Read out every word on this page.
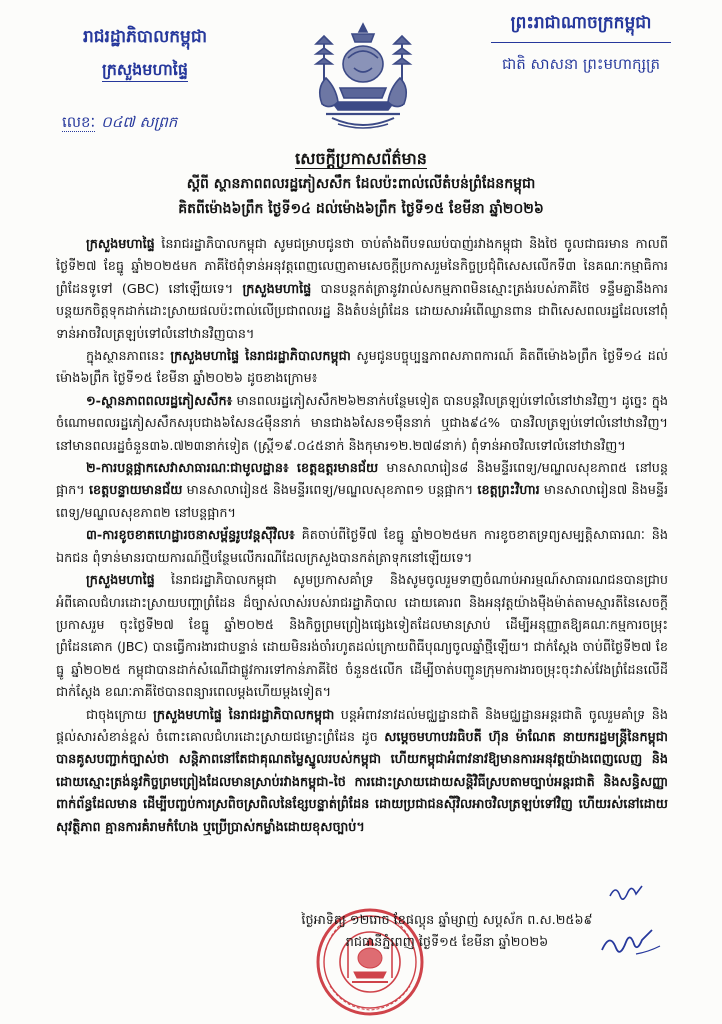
រាជរដ្ឋាភិបាលកម្ពុជា
ក្រសួងមហាផ្ទៃ
លេខៈ ០៤៧ សព្រក
ព្រះរាជាណាចក្រកម្ពុជា
ជាតិ សាសនា ព្រះមហាក្សត្រ
សេចក្ដីប្រកាសព័ត៌មាន
ស្ដីពី ស្ថានភាពពលរដ្ឋភៀសសឹក ដែលប៉ះពាល់លើតំបន់ព្រំដែនកម្ពុជា
គិតពីម៉ោង៦ព្រឹក ថ្ងៃទី១៤ ដល់ម៉ោង៦ព្រឹក ថ្ងៃទី១៥ ខែមីនា ឆ្នាំ២០២៦

ក្រសួងមហាផ្ទៃ នៃរាជរដ្ឋាភិបាលកម្ពុជា សូមជម្រាបជូនថា ចាប់តាំងពីបទឈប់បាញ់រវាងកម្ពុជា និងថៃ ចូលជាធរមាន កាលពីថ្ងៃទី២៧ ខែធ្នូ ឆ្នាំ២០២៥មក ភាគីថៃពុំទាន់អនុវត្តពេញលេញតាមសេចក្ដីប្រកាសរួមនៃកិច្ចប្រជុំពិសេសលើកទី៣ នៃគណៈកម្មាធិការព្រំដែនទូទៅ (GBC) នៅឡើយទេ។ ក្រសួងមហាផ្ទៃ បានបន្តកត់ត្រានូវរាល់សកម្មភាពមិនស្មោះត្រង់របស់ភាគីថៃ ទន្ទឹមគ្នានឹងការបន្តយកចិត្តទុកដាក់ដោះស្រាយផលប៉ះពាល់លើប្រជាពលរដ្ឋ និងតំបន់ព្រំដែន ដោយសារអំពើឈ្លានពាន ជាពិសេសពលរដ្ឋដែលនៅពុំទាន់អាចវិលត្រឡប់ទៅលំនៅឋានវិញបាន។

ក្នុងស្ថានភាពនេះ ក្រសួងមហាផ្ទៃ នៃរាជរដ្ឋាភិបាលកម្ពុជា សូមជូនបច្ចុប្បន្នភាពសភាពការណ៍ គិតពីម៉ោង៦ព្រឹក ថ្ងៃទី១៤ ដល់ម៉ោង៦ព្រឹក ថ្ងៃទី១៥ ខែមីនា ឆ្នាំ២០២៦ ដូចខាងក្រោម៖

១-ស្ថានភាពពលរដ្ឋភៀសសឹក៖ មានពលរដ្ឋភៀសសឹក២៦២នាក់បន្ថែមទៀត បានបន្តវិលត្រឡប់ទៅលំនៅឋានវិញ។ ដូច្នេះ ក្នុងចំណោមពលរដ្ឋភៀសសឹកសរុបជាង៦សែន៤ម៉ឺននាក់ មានជាង៦សែន១ម៉ឺននាក់ ឬជាង៩៤% បានវិលត្រឡប់ទៅលំនៅឋានវិញ។ នៅមានពលរដ្ឋចំនួន៣៦.៧២៣នាក់ទៀត (ស្ត្រី១៩.០៤៥នាក់ និងកុមារ១២.២៧៨នាក់) ពុំទាន់អាចវិលទៅលំនៅឋានវិញ។

២-ការបន្តផ្អាកសេវាសាធារណៈជាមូលដ្ឋាន៖ ខេត្តឧត្តរមានជ័យ មានសាលារៀន៨ និងមន្ទីរពេទ្យ/មណ្ឌលសុខភាព៥ នៅបន្តផ្អាក។ ខេត្តបន្ទាយមានជ័យ មានសាលារៀន៥ និងមន្ទីរពេទ្យ/មណ្ឌលសុខភាព១ បន្តផ្អាក។ ខេត្តព្រះវិហារ មានសាលារៀន៧ និងមន្ទីរពេទ្យ/មណ្ឌលសុខភាព២ នៅបន្តផ្អាក។

៣-ការខូចខាតហេដ្ឋារចនាសម្ព័ន្ធរូបវន្តស៊ីវិល៖ គិតចាប់ពីថ្ងៃទី៧ ខែធ្នូ ឆ្នាំ២០២៥មក ការខូចខាតទ្រព្យសម្បត្តិសាធារណៈ និងឯកជន ពុំទាន់មានរបាយការណ៍ថ្មីបន្ថែមលើករណីដែលក្រសួងបានកត់ត្រាទុកនៅឡើយទេ។

ក្រសួងមហាផ្ទៃ នៃរាជរដ្ឋាភិបាលកម្ពុជា សូមប្រកាសគាំទ្រ និងសូមចូលរួមទាញចំណាប់អារម្មណ៍សាធារណជនបានជ្រាប អំពីគោលជំហរដោះស្រាយបញ្ហាព្រំដែន ដ៏ច្បាស់លាស់របស់រាជរដ្ឋាភិបាល ដោយគោរព និងអនុវត្តយ៉ាងម៉ឺងម៉ាត់តាមស្មារតីនៃសេចក្ដីប្រកាសរួម ចុះថ្ងៃទី២៧ ខែធ្នូ ឆ្នាំ២០២៥ និងកិច្ចព្រមព្រៀងផ្សេងទៀតដែលមានស្រាប់ ដើម្បីអនុញ្ញាតឱ្យគណៈកម្មការចម្រុះព្រំដែនគោក (JBC) បានធ្វើការងារជាបន្ទាន់ ដោយមិនរង់ចាំរហូតដល់ក្រោយពិធីបុណ្យចូលឆ្នាំថ្មីឡើយ។ ជាក់ស្ដែង ចាប់ពីថ្ងៃទី២៧ ខែធ្នូ ឆ្នាំ២០២៥ កម្ពុជាបានដាក់សំណើជាផ្លូវការទៅកាន់ភាគីថៃ ចំនួន៥លើក ដើម្បីចាត់បញ្ជូនក្រុមការងារចម្រុះចុះវាស់វែងព្រំដែនលើដីជាក់ស្ដែង ខណៈភាគីថៃបានពន្យារពេលម្ដងហើយម្ដងទៀត។

ជាចុងក្រោយ ក្រសួងមហាផ្ទៃ នៃរាជរដ្ឋាភិបាលកម្ពុជា បន្តអំពាវនាវដល់មជ្ឈដ្ឋានជាតិ និងមជ្ឈដ្ឋានអន្តរជាតិ ចូលរួមគាំទ្រ និងផ្ដល់សារសំខាន់ខ្ពស់ ចំពោះគោលជំហរដោះស្រាយជម្លោះព្រំដែន ដូច សម្ដេចមហាបវរធិបតី ហ៊ុន ម៉ាណែត នាយករដ្ឋមន្ត្រីនៃកម្ពុជា បានគូសបញ្ជាក់ច្បាស់ថា សន្តិភាពនៅតែជាគុណតម្លៃស្នូលរបស់កម្ពុជា ហើយកម្ពុជាអំពាវនាវឱ្យមានការអនុវត្តយ៉ាងពេញលេញ និងដោយស្មោះត្រង់នូវកិច្ចព្រមព្រៀងដែលមានស្រាប់រវាងកម្ពុជា-ថៃ ការដោះស្រាយដោយសន្តិវិធីស្របតាមច្បាប់អន្តរជាតិ និងសន្ធិសញ្ញាពាក់ព័ន្ធដែលមាន ដើម្បីបញ្ចប់ការស្រពិចស្រពិលនៃខ្សែបន្ទាត់ព្រំដែន ដោយប្រជាជនស៊ីវិលអាចវិលត្រឡប់ទៅវិញ ហើយរស់នៅដោយសុវត្ថិភាព គ្មានការគំរាមកំហែង ឬប្រើប្រាស់កម្លាំងដោយខុសច្បាប់។

ថ្ងៃអាទិត្យ ១២រោច ខែផល្គុន ឆ្នាំម្សាញ់ សប្តស័ក ព.ស.២៥៦៩
រាជធានីភ្នំពេញ ថ្ងៃទី១៥ ខែមីនា ឆ្នាំ២០២៦
